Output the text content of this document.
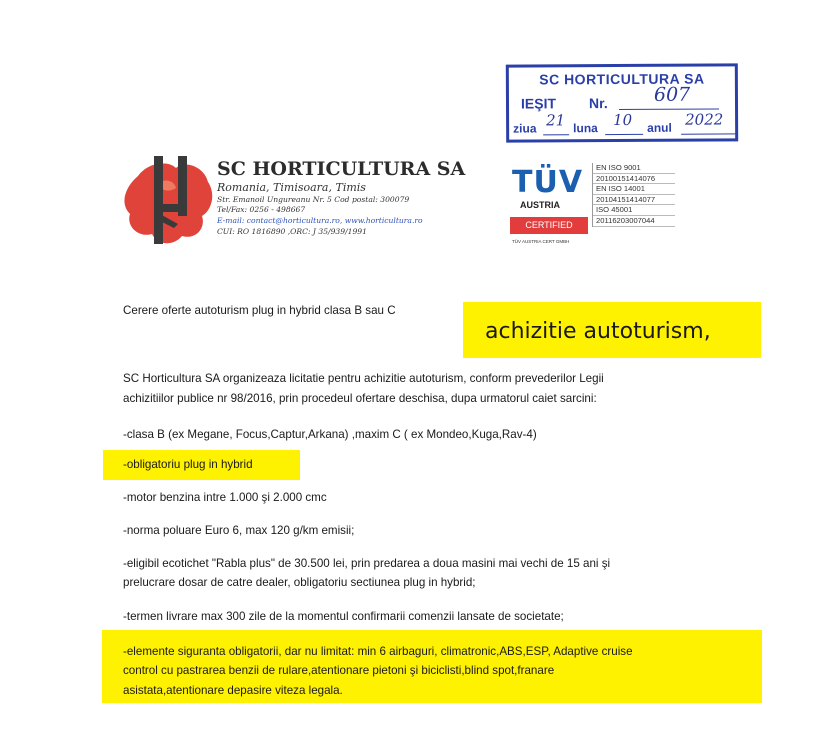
SC HORTICULTURA SA
IEŞIT Nr. 607
ziua 21 luna 10 anul 2022
SC HORTICULTURA SA
Romania, Timisoara, Timis
Str. Emanoil Ungureanu Nr. 5 Cod postal: 300079
Tel/Fax: 0256 - 498667
E-mail: contact@horticultura.ro, www.horticultura.ro
CUI: RO 1816890 ,ORC: J 35/939/1991
TÜV
AUSTRIA
CERTIFIED
TÜV AUSTRIA CERT GMBH
EN ISO 9001
20100151414076
EN ISO 14001
20104151414077
ISO 45001
20116203007044
Cerere oferte autoturism plug in hybrid clasa B sau C
achizitie autoturism,
SC Horticultura SA organizeaza licitatie pentru achizitie autoturism, conform prevederilor Legii
achizitiilor publice nr 98/2016, prin procedeul ofertare deschisa, dupa urmatorul caiet sarcini:
-clasa B (ex Megane, Focus,Captur,Arkana) ,maxim C ( ex Mondeo,Kuga,Rav-4)
-obligatoriu plug in hybrid
-motor benzina intre 1.000 şi 2.000 cmc
-norma poluare Euro 6, max 120 g/km emisii;
-eligibil ecotichet "Rabla plus" de 30.500 lei, prin predarea a doua masini mai vechi de 15 ani şi
prelucrare dosar de catre dealer, obligatoriu sectiunea plug in hybrid;
-termen livrare max 300 zile de la momentul confirmarii comenzii lansate de societate;
-elemente siguranta obligatorii, dar nu limitat: min 6 airbaguri, climatronic,ABS,ESP, Adaptive cruise
control cu pastrarea benzii de rulare,atentionare pietoni şi biciclisti,blind spot,franare
asistata,atentionare depasire viteza legala.
